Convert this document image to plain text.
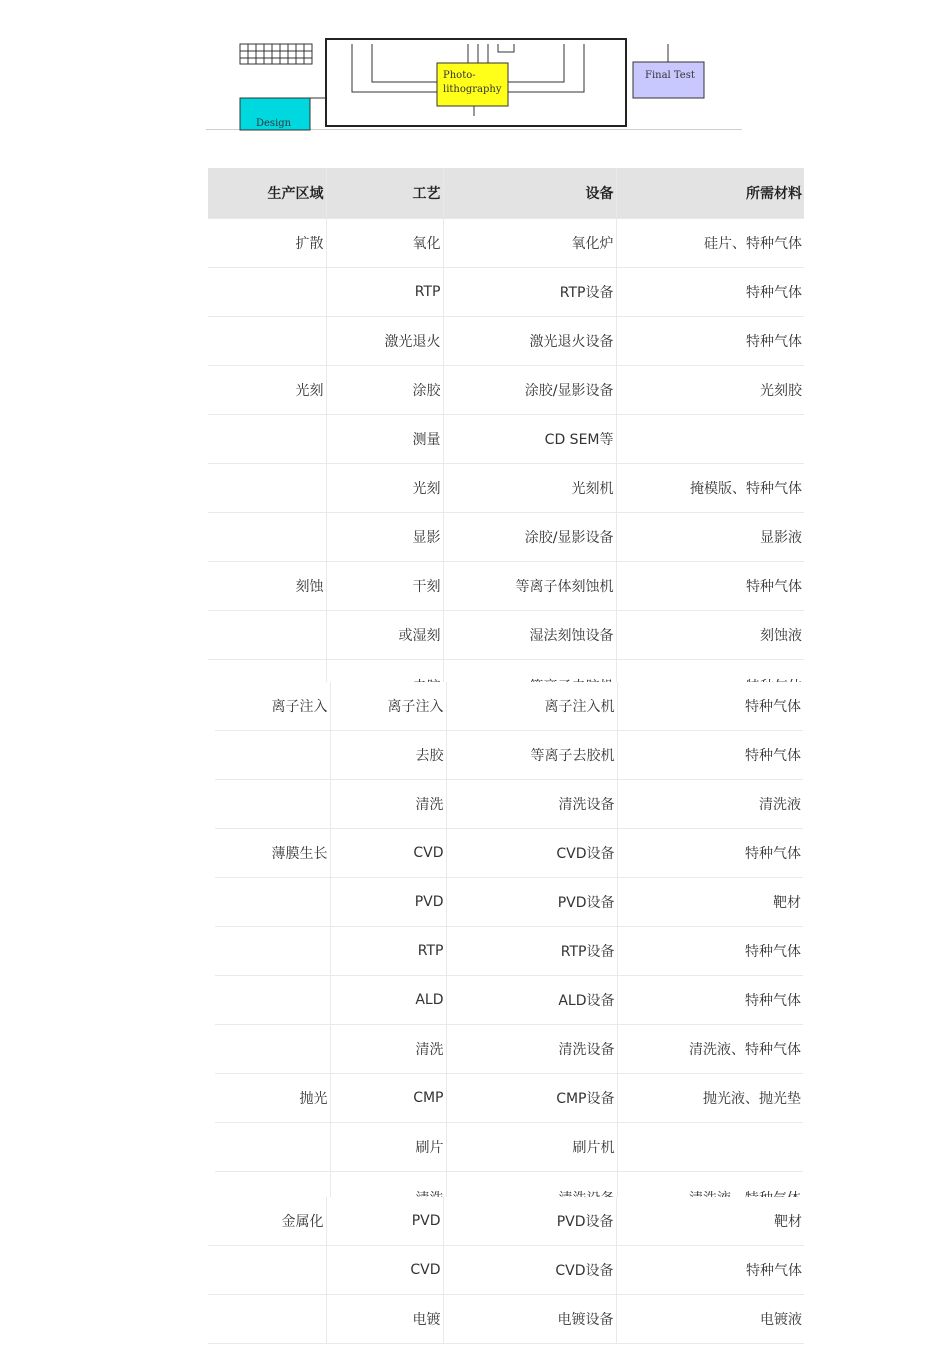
Design
Photo-
lithography
Final Test
生产区域	工艺	设备	所需材料
扩散	氧化	氧化炉	硅片、特种气体
	RTP	RTP设备	特种气体
	激光退火	激光退火设备	特种气体
光刻	涂胶	涂胶/显影设备	光刻胶
	测量	CD SEM等	
	光刻	光刻机	掩模版、特种气体
	显影	涂胶/显影设备	显影液
刻蚀	干刻	等离子体刻蚀机	特种气体
	或湿刻	湿法刻蚀设备	刻蚀液

离子注入	离子注入	离子注入机	特种气体
	去胶	等离子去胶机	特种气体
	清洗	清洗设备	清洗液
薄膜生长	CVD	CVD设备	特种气体
	PVD	PVD设备	靶材
	RTP	RTP设备	特种气体
	ALD	ALD设备	特种气体
	清洗	清洗设备	清洗液、特种气体
抛光	CMP	CMP设备	抛光液、抛光垫
	刷片	刷片机	

金属化	PVD	PVD设备	靶材
	CVD	CVD设备	特种气体
	电镀	电镀设备	电镀液
